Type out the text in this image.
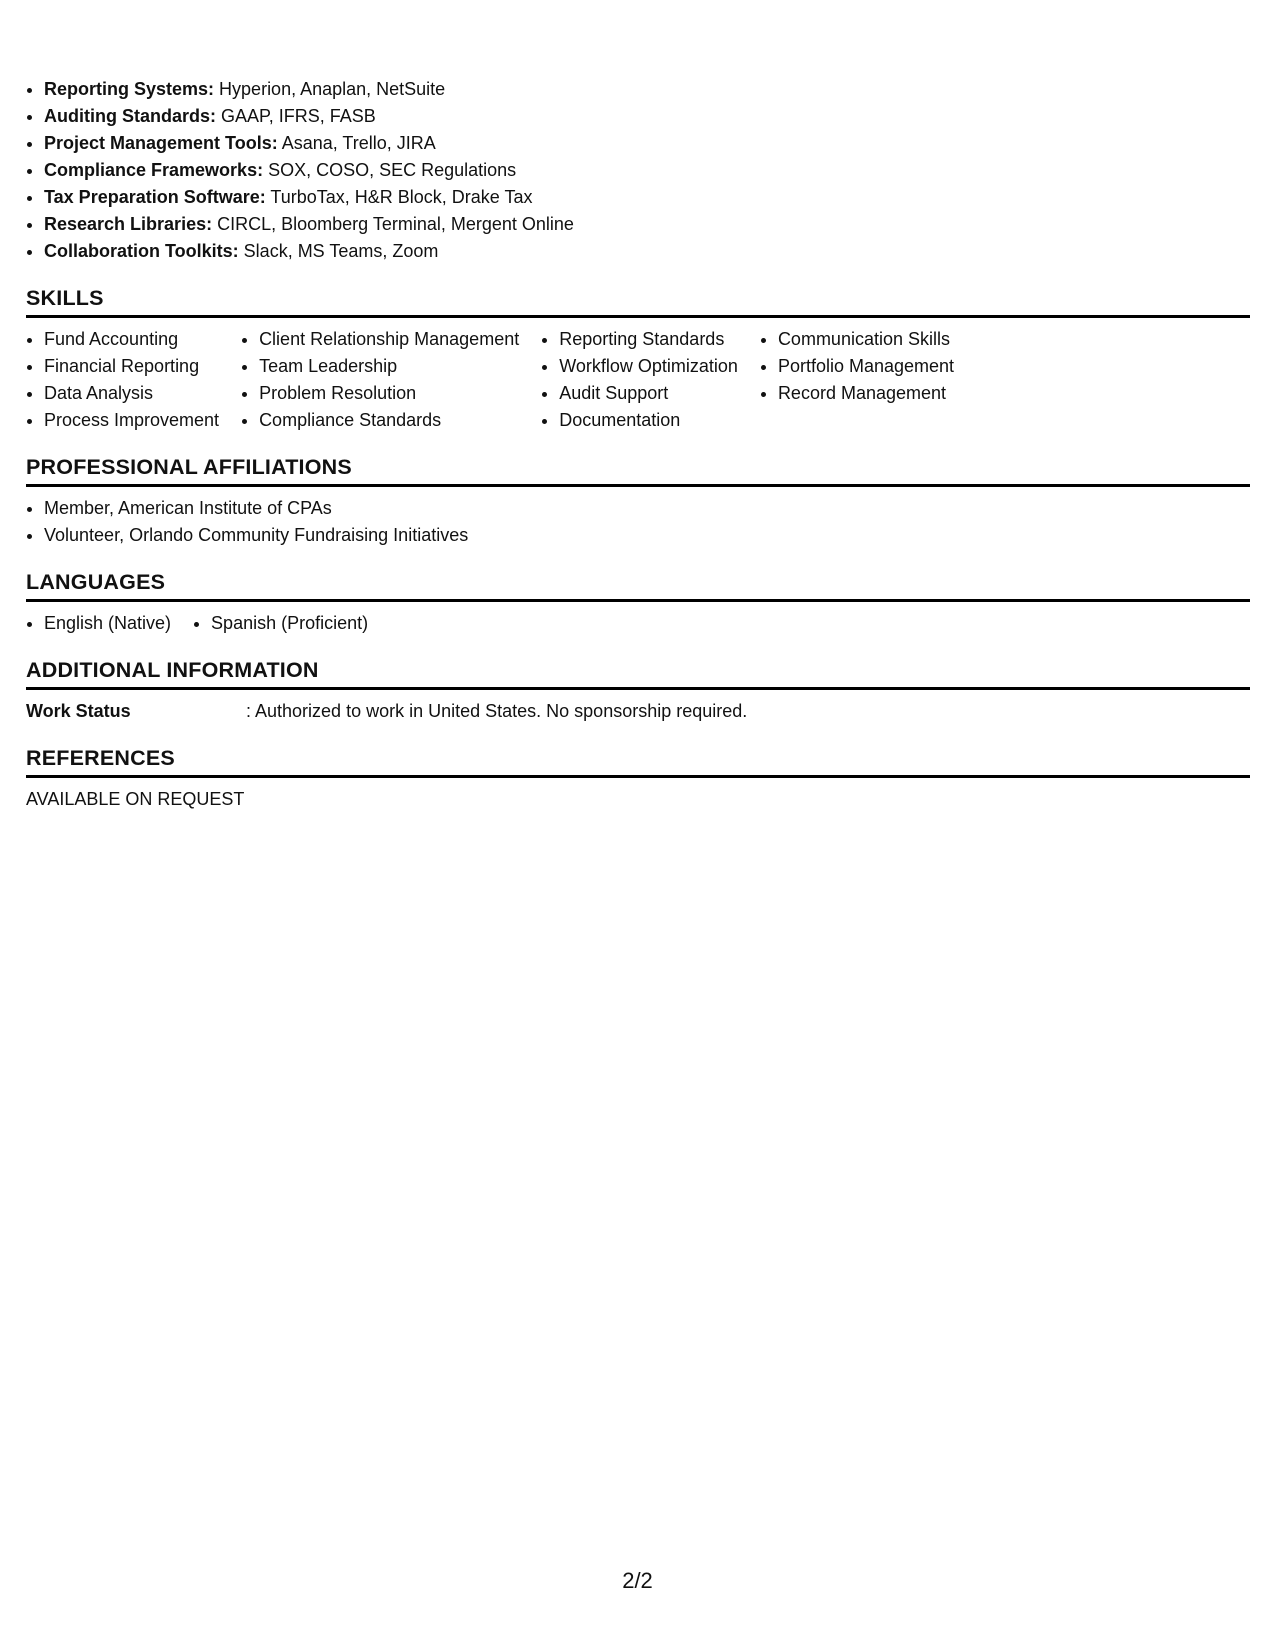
• Reporting Systems: Hyperion, Anaplan, NetSuite
• Auditing Standards: GAAP, IFRS, FASB
• Project Management Tools: Asana, Trello, JIRA
• Compliance Frameworks: SOX, COSO, SEC Regulations
• Tax Preparation Software: TurboTax, H&R Block, Drake Tax
• Research Libraries: CIRCL, Bloomberg Terminal, Mergent Online
• Collaboration Toolkits: Slack, MS Teams, Zoom
SKILLS
• Fund Accounting
• Financial Reporting
• Data Analysis
• Process Improvement
• Client Relationship Management
• Team Leadership
• Problem Resolution
• Compliance Standards
• Reporting Standards
• Workflow Optimization
• Audit Support
• Documentation
• Communication Skills
• Portfolio Management
• Record Management
PROFESSIONAL AFFILIATIONS
• Member, American Institute of CPAs
• Volunteer, Orlando Community Fundraising Initiatives
LANGUAGES
• English (Native)
• Spanish (Proficient)
ADDITIONAL INFORMATION
Work Status	: Authorized to work in United States. No sponsorship required.
REFERENCES
AVAILABLE ON REQUEST
2/2
